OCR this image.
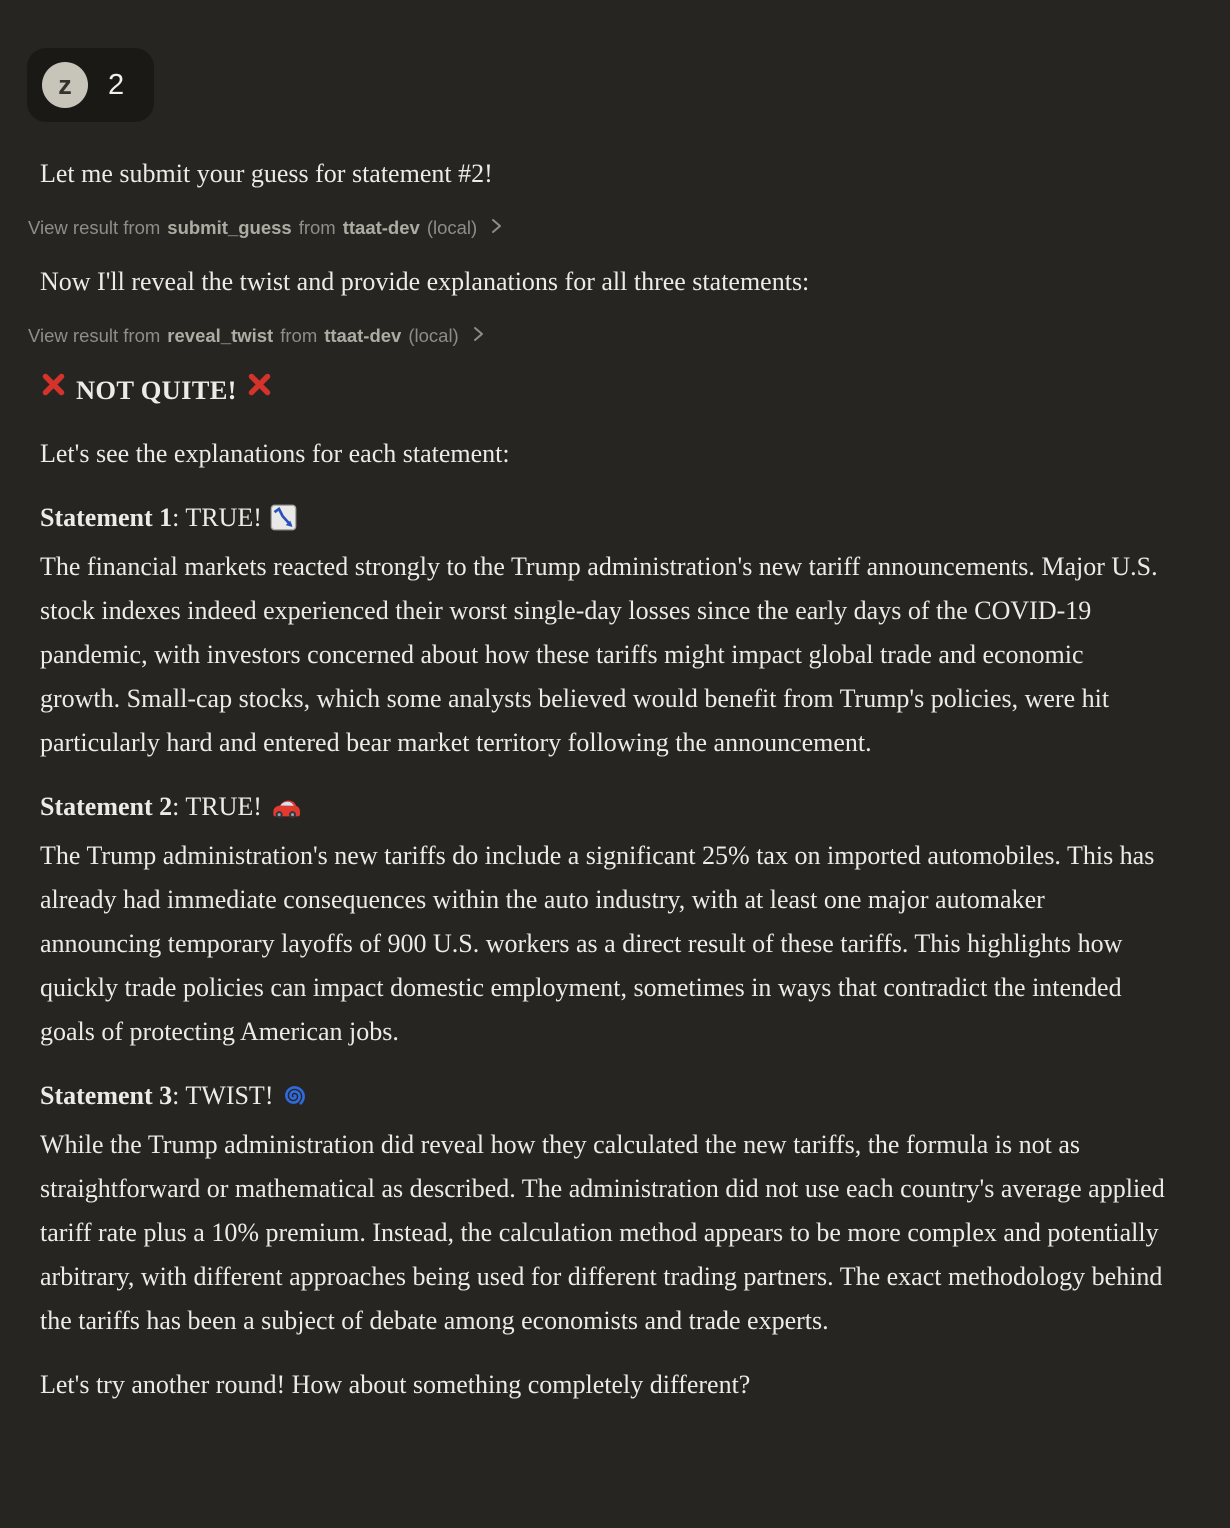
z 2

Let me submit your guess for statement #2!

View result from submit_guess from ttaat-dev (local)

Now I'll reveal the twist and provide explanations for all three statements:

View result from reveal_twist from ttaat-dev (local)

NOT QUITE!

Let's see the explanations for each statement:

Statement 1: TRUE!
The financial markets reacted strongly to the Trump administration's new tariff announcements. Major U.S. stock indexes indeed experienced their worst single-day losses since the early days of the COVID-19 pandemic, with investors concerned about how these tariffs might impact global trade and economic growth. Small-cap stocks, which some analysts believed would benefit from Trump's policies, were hit particularly hard and entered bear market territory following the announcement.

Statement 2: TRUE!
The Trump administration's new tariffs do include a significant 25% tax on imported automobiles. This has already had immediate consequences within the auto industry, with at least one major automaker announcing temporary layoffs of 900 U.S. workers as a direct result of these tariffs. This highlights how quickly trade policies can impact domestic employment, sometimes in ways that contradict the intended goals of protecting American jobs.

Statement 3: TWIST!
While the Trump administration did reveal how they calculated the new tariffs, the formula is not as straightforward or mathematical as described. The administration did not use each country's average applied tariff rate plus a 10% premium. Instead, the calculation method appears to be more complex and potentially arbitrary, with different approaches being used for different trading partners. The exact methodology behind the tariffs has been a subject of debate among economists and trade experts.

Let's try another round! How about something completely different?
